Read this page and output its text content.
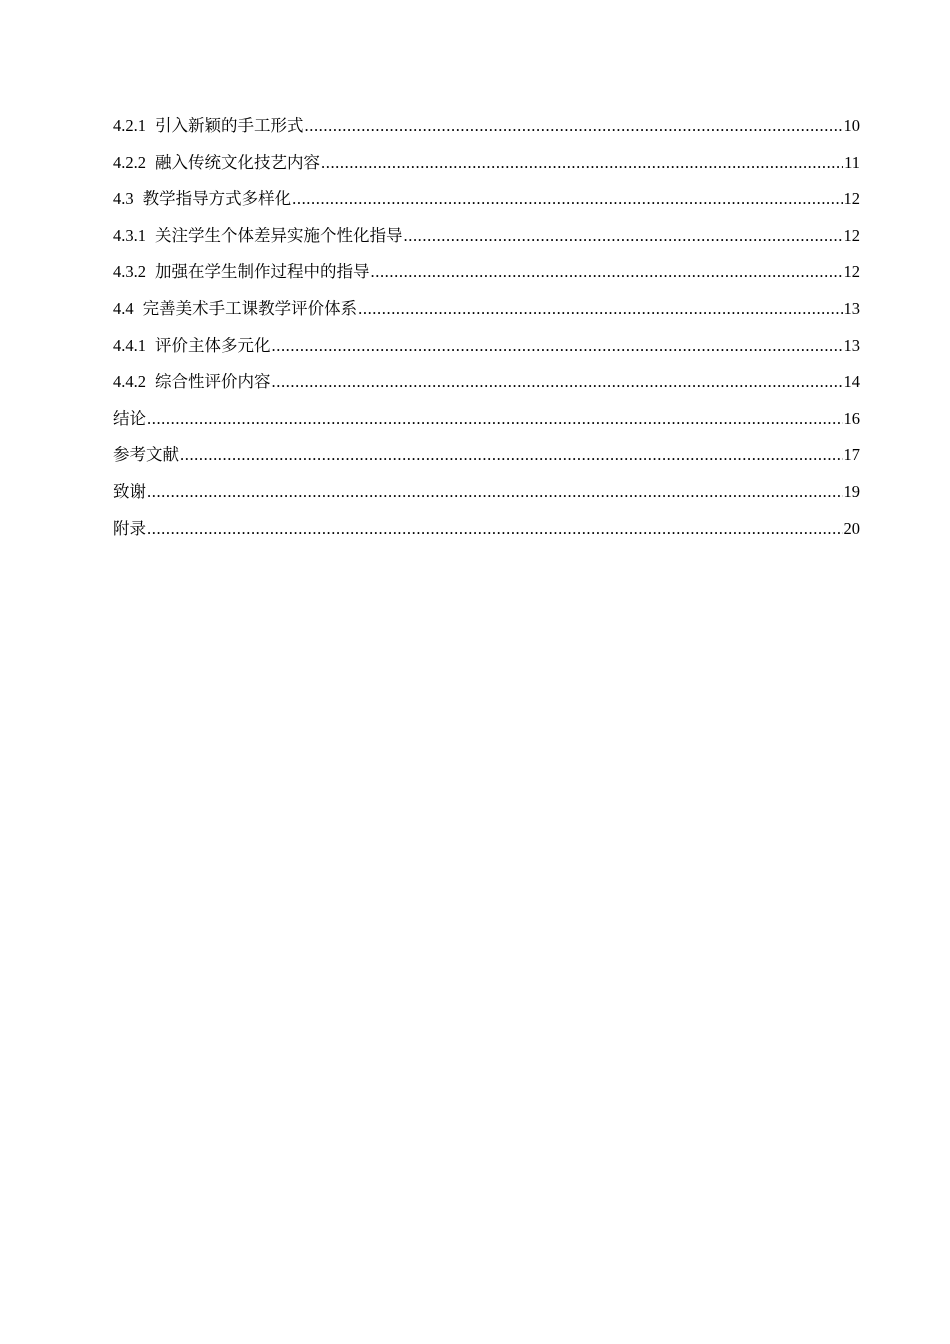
4.2.1 引入新颖的手工形式 .....	10
4.2.2 融入传统文化技艺内容 .....	11
4.3 教学指导方式多样化 .....	12
4.3.1 关注学生个体差异实施个性化指导 .....	12
4.3.2 加强在学生制作过程中的指导 .....	12
4.4 完善美术手工课教学评价体系 .....	13
4.4.1 评价主体多元化 .....	13
4.4.2 综合性评价内容 .....	14
结论 .....	16
参考文献 .....	17
致谢 .....	19
附录 .....	20
